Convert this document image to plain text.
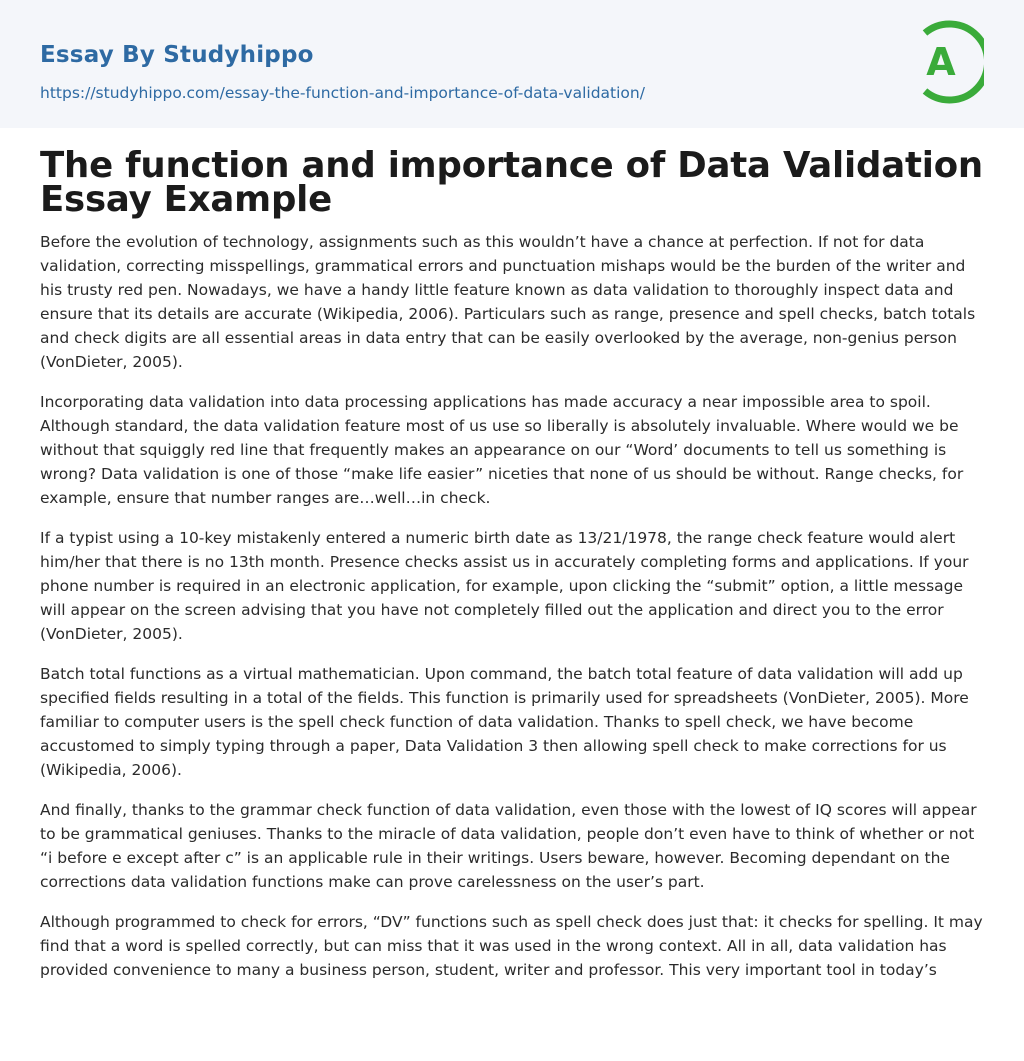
Essay By Studyhippo
https://studyhippo.com/essay-the-function-and-importance-of-data-validation/
A
The function and importance of Data Validation Essay Example

Before the evolution of technology, assignments such as this wouldn’t have a chance at perfection. If not for data validation, correcting misspellings, grammatical errors and punctuation mishaps would be the burden of the writer and his trusty red pen. Nowadays, we have a handy little feature known as data validation to thoroughly inspect data and ensure that its details are accurate (Wikipedia, 2006). Particulars such as range, presence and spell checks, batch totals and check digits are all essential areas in data entry that can be easily overlooked by the average, non-genius person (VonDieter, 2005).

Incorporating data validation into data processing applications has made accuracy a near impossible area to spoil. Although standard, the data validation feature most of us use so liberally is absolutely invaluable. Where would we be without that squiggly red line that frequently makes an appearance on our “Word’ documents to tell us something is wrong? Data validation is one of those “make life easier” niceties that none of us should be without. Range checks, for example, ensure that number ranges are…well…in check.

If a typist using a 10-key mistakenly entered a numeric birth date as 13/21/1978, the range check feature would alert him/her that there is no 13th month. Presence checks assist us in accurately completing forms and applications. If your phone number is required in an electronic application, for example, upon clicking the “submit” option, a little message will appear on the screen advising that you have not completely filled out the application and direct you to the error (VonDieter, 2005).

Batch total functions as a virtual mathematician. Upon command, the batch total feature of data validation will add up specified fields resulting in a total of the fields. This function is primarily used for spreadsheets (VonDieter, 2005). More familiar to computer users is the spell check function of data validation. Thanks to spell check, we have become accustomed to simply typing through a paper, Data Validation 3 then allowing spell check to make corrections for us (Wikipedia, 2006).

And finally, thanks to the grammar check function of data validation, even those with the lowest of IQ scores will appear to be grammatical geniuses. Thanks to the miracle of data validation, people don’t even have to think of whether or not “i before e except after c” is an applicable rule in their writings. Users beware, however. Becoming dependant on the corrections data validation functions make can prove carelessness on the user’s part.

Although programmed to check for errors, “DV” functions such as spell check does just that: it checks for spelling. It may find that a word is spelled correctly, but can miss that it was used in the wrong context. All in all, data validation has provided convenience to many a business person, student, writer and professor. This very important tool in today’s
